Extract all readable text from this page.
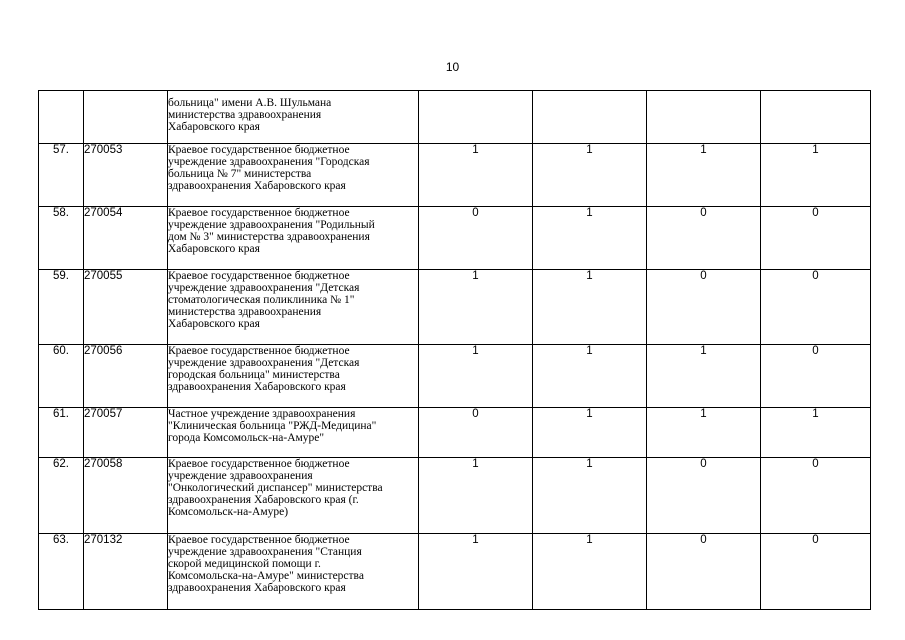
10
		больница" имени А.В. Шульмана
министерства здравоохранения
Хабаровского края				
57.	270053	Краевое государственное бюджетное
учреждение здравоохранения "Городская
больница № 7" министерства
здравоохранения Хабаровского края	1	1	1	1
58.	270054	Краевое государственное бюджетное
учреждение здравоохранения "Родильный
дом № 3" министерства здравоохранения
Хабаровского края	0	1	0	0
59.	270055	Краевое государственное бюджетное
учреждение здравоохранения "Детская
стоматологическая поликлиника № 1"
министерства здравоохранения
Хабаровского края	1	1	0	0
60.	270056	Краевое государственное бюджетное
учреждение здравоохранения "Детская
городская больница" министерства
здравоохранения Хабаровского края	1	1	1	0
61.	270057	Частное учреждение здравоохранения
"Клиническая больница "РЖД-Медицина"
города Комсомольск-на-Амуре"	0	1	1	1
62.	270058	Краевое государственное бюджетное
учреждение здравоохранения
"Онкологический диспансер" министерства
здравоохранения Хабаровского края (г.
Комсомольск-на-Амуре)	1	1	0	0
63.	270132	Краевое государственное бюджетное
учреждение здравоохранения "Станция
скорой медицинской помощи г.
Комсомольска-на-Амуре" министерства
здравоохранения Хабаровского края	1	1	0	0
